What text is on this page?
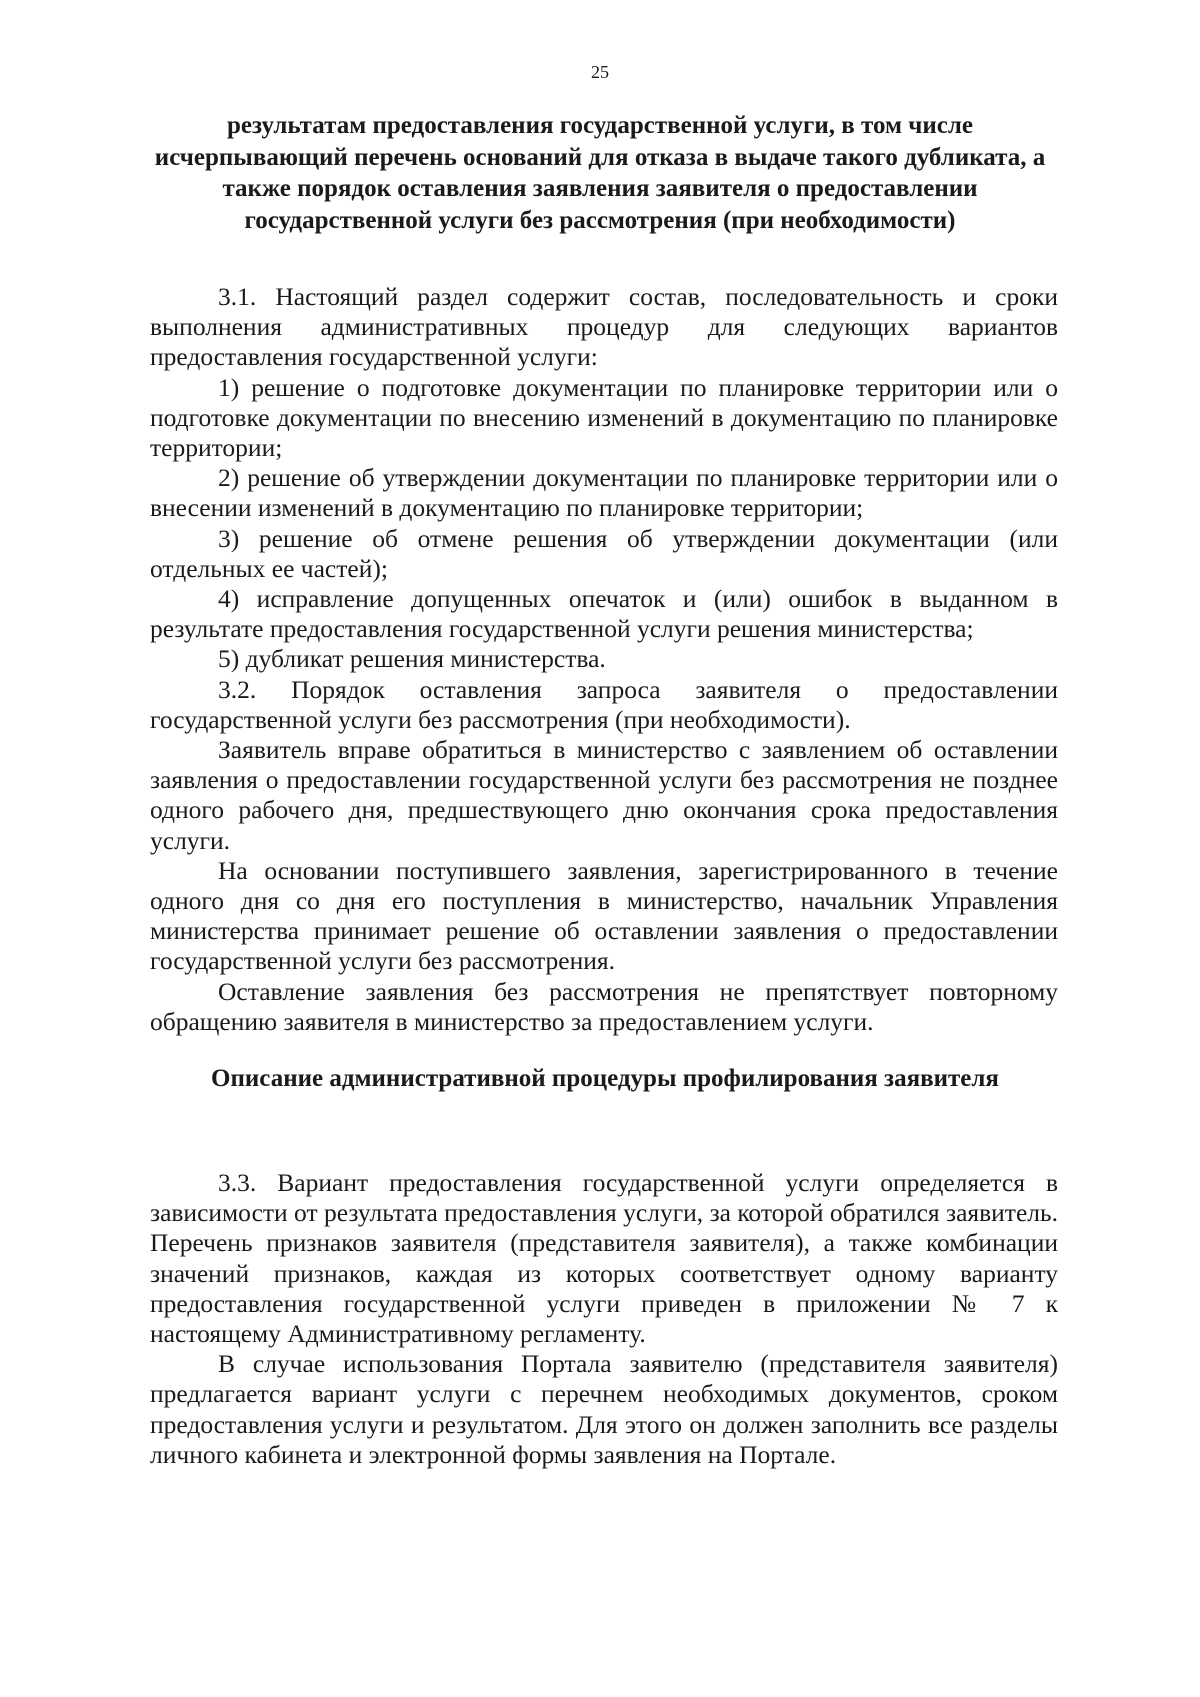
25
результатам предоставления государственной услуги, в том числе исчерпывающий перечень оснований для отказа в выдаче такого дубликата, а также порядок оставления заявления заявителя о предоставлении государственной услуги без рассмотрения (при необходимости)

3.1. Настоящий раздел содержит состав, последовательность и сроки выполнения административных процедур для следующих вариантов предоставления государственной услуги:

1) решение о подготовке документации по планировке территории или о подготовке документации по внесению изменений в документацию по планировке территории;

2) решение об утверждении документации по планировке территории или о внесении изменений в документацию по планировке территории;

3) решение об отмене решения об утверждении документации (или отдельных ее частей);

4) исправление допущенных опечаток и (или) ошибок в выданном в результате предоставления государственной услуги решения министерства;

5) дубликат решения министерства.

3.2. Порядок оставления запроса заявителя о предоставлении государственной услуги без рассмотрения (при необходимости).

Заявитель вправе обратиться в министерство с заявлением об оставлении заявления о предоставлении государственной услуги без рассмотрения не позднее одного рабочего дня, предшествующего дню окончания срока предоставления услуги.

На основании поступившего заявления, зарегистрированного в течение одного дня со дня его поступления в министерство, начальник Управления министерства принимает решение об оставлении заявления о предоставлении государственной услуги без рассмотрения.

Оставление заявления без рассмотрения не препятствует повторному обращению заявителя в министерство за предоставлением услуги.

Описание административной процедуры профилирования заявителя

3.3. Вариант предоставления государственной услуги определяется в зависимости от результата предоставления услуги, за которой обратился заявитель. Перечень признаков заявителя (представителя заявителя), а также комбинации значений признаков, каждая из которых соответствует одному варианту предоставления государственной услуги приведен в приложении № 7 к настоящему Административному регламенту.

В случае использования Портала заявителю (представителя заявителя) предлагается вариант услуги с перечнем необходимых документов, сроком предоставления услуги и результатом. Для этого он должен заполнить все разделы личного кабинета и электронной формы заявления на Портале.
